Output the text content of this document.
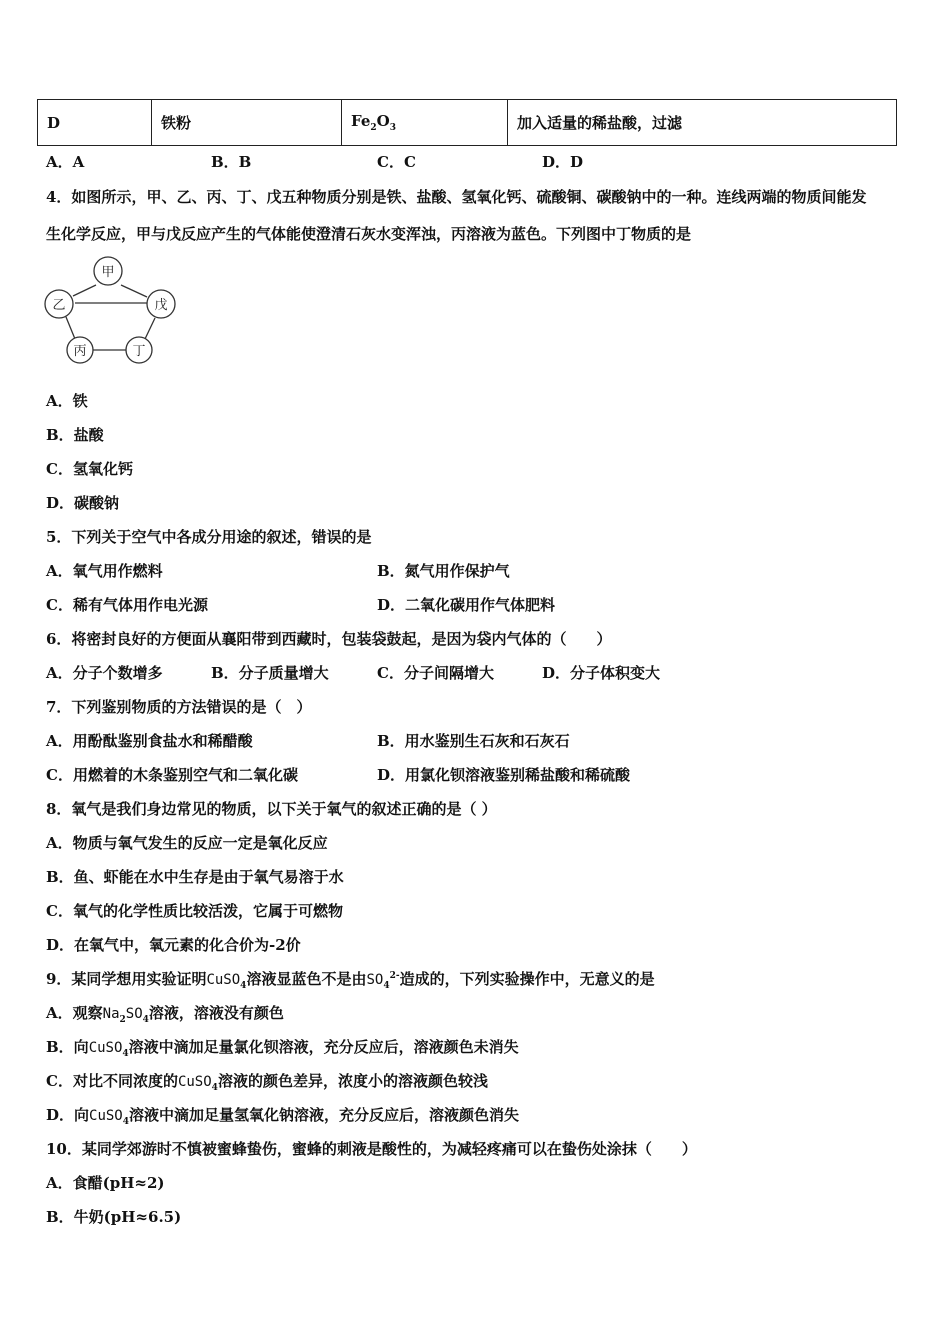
D	铁粉	$Fe_2O_3$	加入适量的稀盐酸，过滤
A．A	B．B	C．C	D．D
4．如图所示，甲、乙、丙、丁、戊五种物质分别是铁、盐酸、氢氧化钙、硫酸铜、碳酸钠中的一种。连线两端的物质间能发
生化学反应，甲与戊反应产生的气体能使澄清石灰水变浑浊，丙溶液为蓝色。下列图中丁物质的是
甲
乙	戊
丙	丁
A．铁
B．盐酸
C．氢氧化钙
D．碳酸钠
5．下列关于空气中各成分用途的叙述，错误的是
A．氧气用作燃料	B．氮气用作保护气
C．稀有气体用作电光源	D．二氧化碳用作气体肥料
6．将密封良好的方便面从襄阳带到西藏时，包装袋鼓起，是因为袋内气体的（　　）
A．分子个数增多	B．分子质量增大	C．分子间隔增大	D．分子体积变大
7．下列鉴别物质的方法错误的是（　）
A．用酚酞鉴别食盐水和稀醋酸	B．用水鉴别生石灰和石灰石
C．用燃着的木条鉴别空气和二氧化碳	D．用氯化钡溶液鉴别稀盐酸和稀硫酸
8．氧气是我们身边常见的物质，以下关于氧气的叙述正确的是（ ）
A．物质与氧气发生的反应一定是氧化反应
B．鱼、虾能在水中生存是由于氧气易溶于水
C．氧气的化学性质比较活泼，它属于可燃物
D．在氧气中，氧元素的化合价为-2价
9．某同学想用实验证明CuSO$_4$溶液显蓝色不是由$SO_4^{2-}$造成的，下列实验操作中，无意义的是
A．观察$Na_2SO_4$溶液，溶液没有颜色
B．向CuSO$_4$溶液中滴加足量氯化钡溶液，充分反应后，溶液颜色未消失
C．对比不同浓度的CuSO$_4$溶液的颜色差异，浓度小的溶液颜色较浅
D．向CuSO$_4$溶液中滴加足量氢氧化钠溶液，充分反应后，溶液颜色消失
10．某同学郊游时不慎被蜜蜂蛰伤，蜜蜂的刺液是酸性的，为减轻疼痛可以在蛰伤处涂抹（　　）
A．食醋(pH≈2)
B．牛奶(pH≈6.5)
